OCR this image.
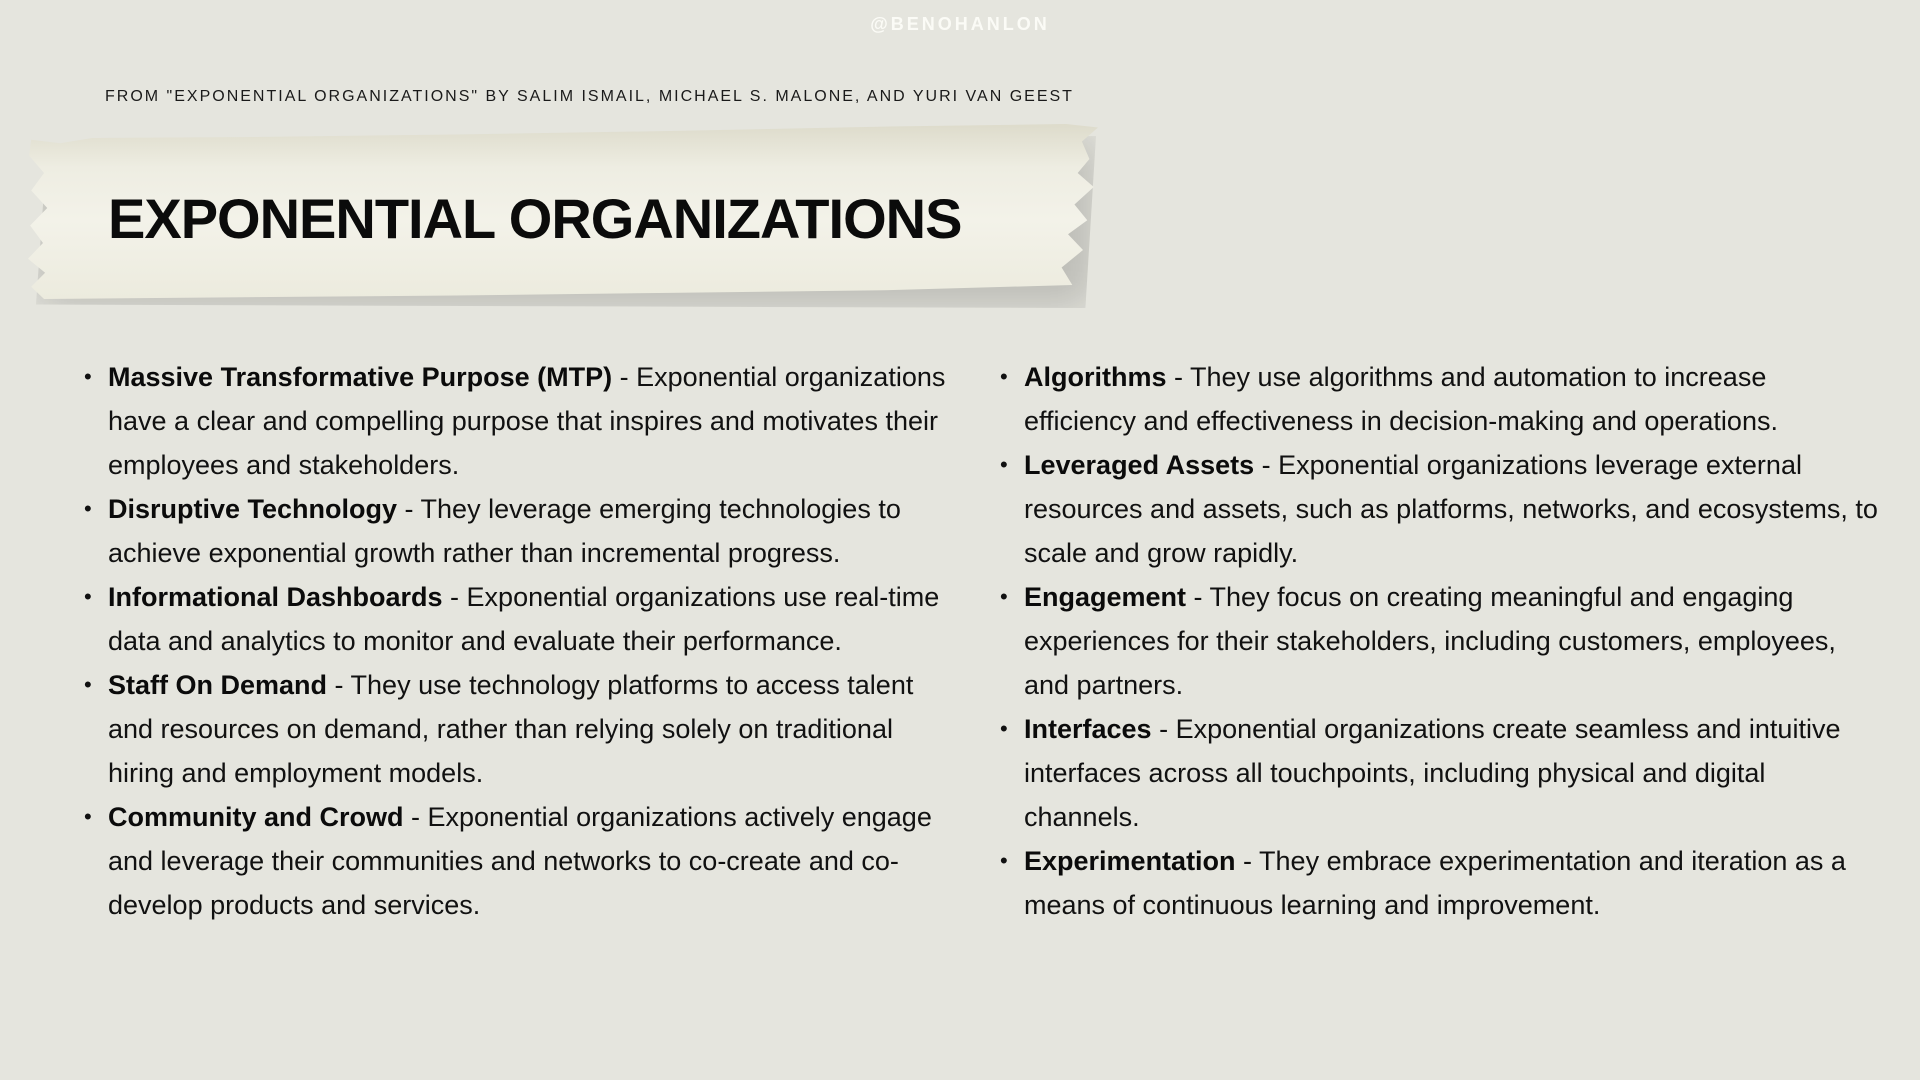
@BENOHANLON
FROM "EXPONENTIAL ORGANIZATIONS" BY SALIM ISMAIL, MICHAEL S. MALONE, AND YURI VAN GEEST
EXPONENTIAL ORGANIZATIONS
• Massive Transformative Purpose (MTP) - Exponential organizations have a clear and compelling purpose that inspires and motivates their employees and stakeholders.
• Disruptive Technology - They leverage emerging technologies to achieve exponential growth rather than incremental progress.
• Informational Dashboards - Exponential organizations use real-time data and analytics to monitor and evaluate their performance.
• Staff On Demand - They use technology platforms to access talent and resources on demand, rather than relying solely on traditional hiring and employment models.
• Community and Crowd - Exponential organizations actively engage and leverage their communities and networks to co-create and co-develop products and services.
• Algorithms - They use algorithms and automation to increase efficiency and effectiveness in decision-making and operations.
• Leveraged Assets - Exponential organizations leverage external resources and assets, such as platforms, networks, and ecosystems, to scale and grow rapidly.
• Engagement - They focus on creating meaningful and engaging experiences for their stakeholders, including customers, employees, and partners.
• Interfaces - Exponential organizations create seamless and intuitive interfaces across all touchpoints, including physical and digital channels.
• Experimentation - They embrace experimentation and iteration as a means of continuous learning and improvement.
